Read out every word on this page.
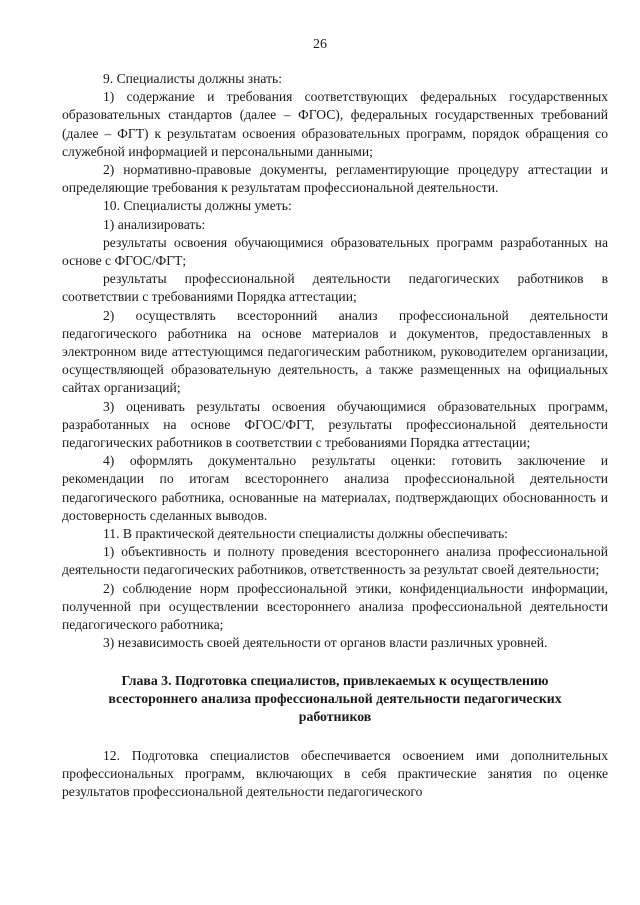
26

9. Специалисты должны знать:

1) содержание и требования соответствующих федеральных государственных образовательных стандартов (далее – ФГОС), федеральных государственных требований (далее – ФГТ) к результатам освоения образовательных программ, порядок обращения со служебной информацией и персональными данными;

2) нормативно-правовые документы, регламентирующие процедуру аттестации и определяющие требования к результатам профессиональной деятельности.

10. Специалисты должны уметь:

1) анализировать:

результаты освоения обучающимися образовательных программ разработанных на основе с ФГОС/ФГТ;

результаты профессиональной деятельности педагогических работников в соответствии с требованиями Порядка аттестации;

2) осуществлять всесторонний анализ профессиональной деятельности педагогического работника на основе материалов и документов, предоставленных в электронном виде аттестующимся педагогическим работником, руководителем организации, осуществляющей образовательную деятельность, а также размещенных на официальных сайтах организаций;

3) оценивать результаты освоения обучающимися образовательных программ, разработанных на основе ФГОС/ФГТ, результаты профессиональной деятельности педагогических работников в соответствии с требованиями Порядка аттестации;

4) оформлять документально результаты оценки: готовить заключение и рекомендации по итогам всестороннего анализа профессиональной деятельности педагогического работника, основанные на материалах, подтверждающих обоснованность и достоверность сделанных выводов.

11. В практической деятельности специалисты должны обеспечивать:

1) объективность и полноту проведения всестороннего анализа профессиональной деятельности педагогических работников, ответственность за результат своей деятельности;

2) соблюдение норм профессиональной этики, конфиденциальности информации, полученной при осуществлении всестороннего анализа профессиональной деятельности педагогического работника;

3) независимость своей деятельности от органов власти различных уровней.

Глава 3. Подготовка специалистов, привлекаемых к осуществлению всестороннего анализа профессиональной деятельности педагогических работников

12. Подготовка специалистов обеспечивается освоением ими дополнительных профессиональных программ, включающих в себя практические занятия по оценке результатов профессиональной деятельности педагогического
